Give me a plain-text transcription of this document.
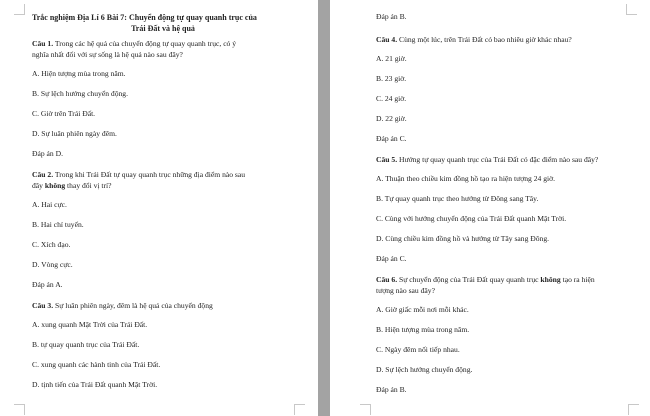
Trắc nghiệm Địa Lí 6 Bài 7: Chuyển động tự quay quanh trục của
Trái Đất và hệ quả
Câu 1. Trong các hệ quả của chuyển động tự quay quanh trục, có ý
nghĩa nhất đối với sự sống là hệ quả nào sau đây?
A. Hiện tượng mùa trong năm.
B. Sự lệch hướng chuyển động.
C. Giờ trên Trái Đất.
D. Sự luân phiên ngày đêm.
Đáp án D.
Câu 2. Trong khi Trái Đất tự quay quanh trục những địa điểm nào sau
đây không thay đổi vị trí?
A. Hai cực.
B. Hai chí tuyến.
C. Xích đạo.
D. Vòng cực.
Đáp án A.
Câu 3. Sự luân phiên ngày, đêm là hệ quả của chuyển động
A. xung quanh Mặt Trời của Trái Đất.
B. tự quay quanh trục của Trái Đất.
C. xung quanh các hành tinh của Trái Đất.
D. tịnh tiến của Trái Đất quanh Mặt Trời.
Đáp án B.
Câu 4. Cùng một lúc, trên Trái Đất có bao nhiêu giờ khác nhau?
A. 21 giờ.
B. 23 giờ.
C. 24 giờ.
D. 22 giờ.
Đáp án C.
Câu 5. Hướng tự quay quanh trục của Trái Đất có đặc điểm nào sau đây?
A. Thuận theo chiều kim đồng hồ tạo ra hiện tượng 24 giờ.
B. Tự quay quanh trục theo hướng từ Đông sang Tây.
C. Cùng với hướng chuyển động của Trái Đất quanh Mặt Trời.
D. Cùng chiều kim đồng hồ và hướng từ Tây sang Đông.
Đáp án C.
Câu 6. Sự chuyển động của Trái Đất quay quanh trục không tạo ra hiện
tượng nào sau đây?
A. Giờ giấc mỗi nơi mỗi khác.
B. Hiện tượng mùa trong năm.
C. Ngày đêm nối tiếp nhau.
D. Sự lệch hướng chuyển động.
Đáp án B.
